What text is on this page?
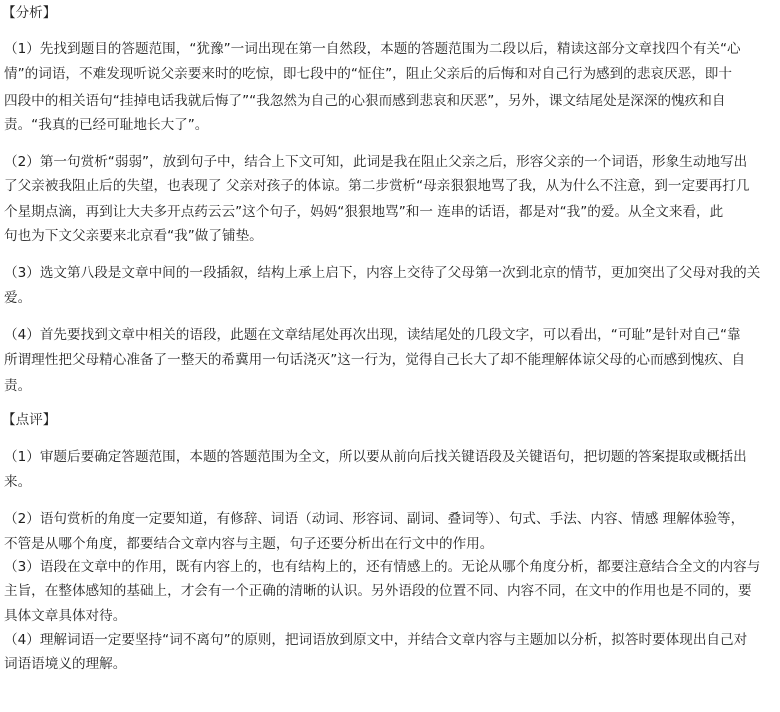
【分析】
（1）先找到题目的答题范围，“犹豫”一词出现在第一自然段，本题的答题范围为二段以后，精读这部分文章找四个有关“心
情”的词语，不难发现听说父亲要来时的吃惊，即七段中的“怔住”，阻止父亲后的后悔和对自己行为感到的悲哀厌恶，即十
四段中的相关语句“挂掉电话我就后悔了”“我忽然为自己的心狠而感到悲哀和厌恶”，另外，课文结尾处是深深的愧疚和自
责。“我真的已经可耻地长大了”。
（2）第一句赏析“弱弱”，放到句子中，结合上下文可知，此词是我在阻止父亲之后，形容父亲的一个词语，形象生动地写出
了父亲被我阻止后的失望，也表现了 父亲对孩子的体谅。第二步赏析“母亲狠狠地骂了我，从为什么不注意，到一定要再打几
个星期点滴，再到让大夫多开点药云云”这个句子，妈妈“狠狠地骂”和一 连串的话语，都是对“我”的爱。从全文来看，此
句也为下文父亲要来北京看“我”做了铺垫。
（3）选文第八段是文章中间的一段插叙，结构上承上启下，内容上交待了父母第一次到北京的情节，更加突出了父母对我的关
爱。
（4）首先要找到文章中相关的语段，此题在文章结尾处再次出现，读结尾处的几段文字，可以看出，“可耻”是针对自己“靠
所谓理性把父母精心准备了一整天的希冀用一句话浇灭”这一行为，觉得自己长大了却不能理解体谅父母的心而感到愧疚、自
责。
【点评】
（1）审题后要确定答题范围，本题的答题范围为全文，所以要从前向后找关键语段及关键语句，把切题的答案提取或概括出
来。
（2）语句赏析的角度一定要知道，有修辞、词语（动词、形容词、副词、叠词等）、句式、手法、内容、情感 理解体验等，
不管是从哪个角度，都要结合文章内容与主题，句子还要分析出在行文中的作用。
（3）语段在文章中的作用，既有内容上的，也有结构上的，还有情感上的。无论从哪个角度分析，都要注意结合全文的内容与
主旨，在整体感知的基础上，才会有一个正确的清晰的认识。另外语段的位置不同、内容不同，在文中的作用也是不同的，要
具体文章具体对待。
（4）理解词语一定要坚持“词不离句”的原则，把词语放到原文中，并结合文章内容与主题加以分析，拟答时要体现出自己对
词语语境义的理解。
